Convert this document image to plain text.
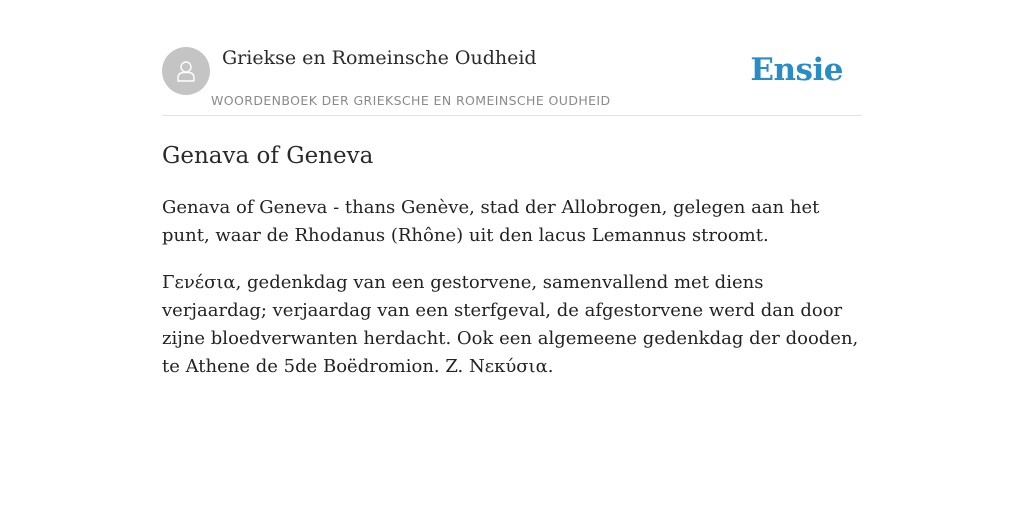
Griekse en Romeinsche Oudheid
WOORDENBOEK DER GRIEKSCHE EN ROMEINSCHE OUDHEID
Ensie
Genava of Geneva

Genava of Geneva - thans Genève, stad der Allobrogen, gelegen aan het punt, waar de Rhodanus (Rhône) uit den lacus Lemannus stroomt.

Γενέσια, gedenkdag van een gestorvene, samenvallend met diens verjaardag; verjaardag van een sterfgeval, de afgestorvene werd dan door zijne bloedverwanten herdacht. Ook een algemeene gedenkdag der dooden, te Athene de 5de Boëdromion. Z. Νεκύσια.
